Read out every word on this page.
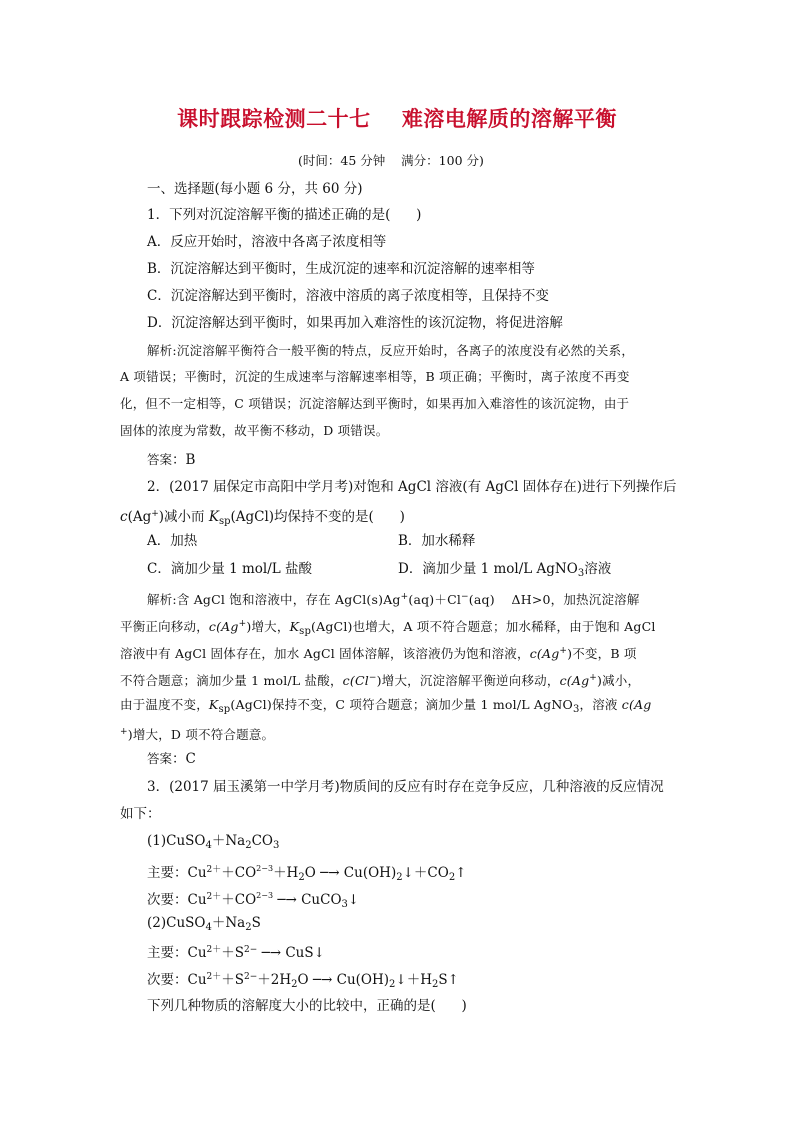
课时跟踪检测二十七    难溶电解质的溶解平衡
(时间：45 分钟    满分：100 分)
一、选择题(每小题 6 分，共 60 分)
1．下列对沉淀溶解平衡的描述正确的是(      )
A．反应开始时，溶液中各离子浓度相等
B．沉淀溶解达到平衡时，生成沉淀的速率和沉淀溶解的速率相等
C．沉淀溶解达到平衡时，溶液中溶质的离子浓度相等，且保持不变
D．沉淀溶解达到平衡时，如果再加入难溶性的该沉淀物，将促进溶解
解析:沉淀溶解平衡符合一般平衡的特点，反应开始时，各离子的浓度没有必然的关系，
A 项错误；平衡时，沉淀的生成速率与溶解速率相等，B 项正确；平衡时，离子浓度不再变
化，但不一定相等，C 项错误；沉淀溶解达到平衡时，如果再加入难溶性的该沉淀物，由于
固体的浓度为常数，故平衡不移动，D 项错误。
答案：B
2．(2017 届保定市高阳中学月考)对饱和 AgCl 溶液(有 AgCl 固体存在)进行下列操作后
c(Ag+)减小而 $K_{sp}(AgCl)$均保持不变的是(      )
A．加热	B．加水稀释
C．滴加少量 1 mol/L 盐酸	D．滴加少量 1 mol/L AgNO$_3$溶液
解析:含 AgCl 饱和溶液中，存在 AgCl(s)Ag+(aq)＋Cl−(aq)    ΔH>0，加热沉淀溶解
平衡正向移动，c(Ag+)增大，$K_{sp}(AgCl)$也增大，A 项不符合题意；加水稀释，由于饱和 AgCl
溶液中有 AgCl 固体存在，加水 AgCl 固体溶解，该溶液仍为饱和溶液，c(Ag+)不变，B 项
不符合题意；滴加少量 1 mol/L 盐酸，c(Cl−)增大，沉淀溶解平衡逆向移动，c(Ag+)减小，
由于温度不变，$K_{sp}(AgCl)$保持不变，C 项符合题意；滴加少量 1 mol/L AgNO$_3$，溶液 c(Ag
+)增大，D 项不符合题意。
答案：C
3．(2017 届玉溪第一中学月考)物质间的反应有时存在竞争反应，几种溶液的反应情况
如下：
$(1)CuSO_4+Na_2CO_3$
主要：$Cu^{2+}+CO^{2-3}+H_2O$ ─→ $Cu(OH)_2↓+CO_2↑$
次要：$Cu^{2+}+CO^{2-3}$ ─→ CuCO$_3$↓
$(2)CuSO_4+Na_2S$
主要：$Cu^{2+}+S^{2-}$ ─→ CuS↓
次要：$Cu^{2+}+S^{2-}+2H_2O$ ─→ $Cu(OH)_2↓+H_2S↑$
下列几种物质的溶解度大小的比较中，正确的是(      )
